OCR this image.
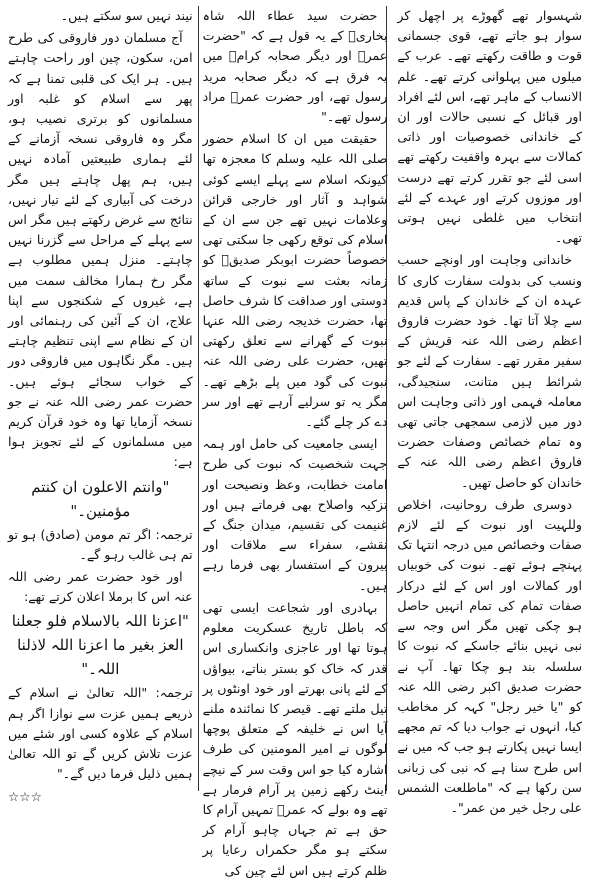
شہسوار تھے گھوڑے پر اچھل کر سوار ہو جاتے تھے، قوی جسمانی قوت و طاقت رکھتے تھے۔ عرب کے میلوں میں پہلوانی کرتے تھے۔ علم الانساب کے ماہر تھے، اس لئے افراد اور قبائل کے نسبی حالات اور ان کے خاندانی خصوصیات اور ذاتی کمالات سے بہرہ واقفیت رکھتے تھے اسی لئے جو تقرر کرتے تھے درست اور موزوں کرتے اور عہدے کے لئے انتخاب میں غلطی نہیں ہوتی تھی۔

خاندانی وجاہت اور اونچے حسب ونسب کی بدولت سفارت کاری کا عہدہ ان کے خاندان کے پاس قدیم سے چلا آتا تھا۔ خود حضرت فاروق اعظم رضی اللہ عنہ قریش کے سفیر مقرر تھے۔ سفارت کے لئے جو شرائط ہیں متانت، سنجیدگی، معاملہ فہمی اور ذاتی وجاہت اس دور میں لازمی سمجھی جاتی تھی وہ تمام خصائص وصفات حضرت فاروق اعظم رضی اللہ عنہ کے خاندان کو حاصل تھیں۔

دوسری طرف روحانیت، اخلاص وللہیت اور نبوت کے لئے لازم صفات وخصائص میں درجہ انتہا تک پہنچے ہوئے تھے۔ نبوت کی خوبیاں اور کمالات اور اس کے لئے درکار صفات تمام کی تمام انہیں حاصل ہو چکی تھیں مگر اس وجہ سے نبی نہیں بنائے جاسکے کہ نبوت کا سلسلہ بند ہو چکا تھا۔ آپ نے حضرت صدیق اکبر رضی اللہ عنہ کو "یا خیر رجل" کہہ کر مخاطب کیا، انہوں نے جواب دیا کہ تم مجھے ایسا نہیں پکارتے ہو جب کہ میں نے اس طرح سنا ہے کہ نبی کی زبانی سن رکھا ہے کہ "ماطلعت الشمس علی رجل خیر من عمر"۔

حضرت سید عطاء اللہ شاہ بخاریؒ کے یہ قول ہے کہ "حضرت عمرؓ اور دیگر صحابہ کرامؓ میں یہ فرق ہے کہ دیگر صحابہ مرید رسول تھے، اور حضرت عمرؓ مراد رسول تھے۔"

حقیقت میں ان کا اسلام حضور صلی اللہ علیہ وسلم کا معجزہ تھا کیونکہ اسلام سے پہلے ایسے کوئی شواہد و آثار اور خارجی قرائن وعلامات نہیں تھے جن سے ان کے اسلام کی توقع رکھی جا سکتی تھی خصوصاً حضرت ابوبکر صدیقؓ کو زمانہ بعثت سے نبوت کے ساتھ دوستی اور صداقت کا شرف حاصل تھا، حضرت خدیجہ رضی اللہ عنہا نبوت کے گھرانے سے تعلق رکھتی تھیں، حضرت علی رضی اللہ عنہ نبوت کی گود میں پلے بڑھے تھے۔ مگر یہ تو سرلیے آرہے تھے اور سر دے کر چلے گئے۔

ایسی جامعیت کی حامل اور ہمہ جہت شخصیت کہ نبوت کی طرح امامت خطابت، وعظ ونصیحت اور تزکیہ واصلاح بھی فرماتے ہیں اور غنیمت کی تقسیم، میدان جنگ کے نقشے، سفراء سے ملاقات اور بیرون کے استفسار بھی فرما رہے ہیں۔

بہادری اور شجاعت ایسی تھی کہ باطل تاریخ عسکریت معلوم ہوتا تھا اور عاجزی وانکساری اس قدر کہ خاک کو بستر بناتے، بیواؤں کے لئے پانی بھرتے اور خود اونٹوں پر تیل ملتے تھے۔ قیصر کا نمائندہ ملنے آیا اس نے خلیفہ کے متعلق پوچھا لوگوں نے امیر المومنین کی طرف اشارہ کیا جو اس وقت سر کے نیچے اینٹ رکھے زمین پر آرام فرمار ہے تھے وہ بولے کہ عمرؓ تمہیں آرام کا حق ہے تم جہاں چاہو آرام کر سکتے ہو مگر حکمراں رعایا پر ظلم کرتے ہیں اس لئے چین کی

نیند نہیں سو سکتے ہیں۔

آج مسلمان دور فاروقی کی طرح امن، سکون، چین اور راحت چاہتے ہیں۔ ہر ایک کی قلبی تمنا ہے کہ پھر سے اسلام کو غلبہ اور مسلمانوں کو برتری نصیب ہو، مگر وہ فاروقی نسخہ آزمانے کے لئے ہماری طبیعتیں آمادہ نہیں ہیں، ہم پھل چاہتے ہیں مگر درخت کی آبیاری کے لئے تیار نہیں، نتائج سے غرض رکھتے ہیں مگر اس سے پہلے کے مراحل سے گزرنا نہیں چاہتے۔ منزل ہمیں مطلوب ہے مگر رخ ہمارا مخالف سمت میں ہے، غیروں کے شکنجوں سے اپنا علاج، ان کے آئین کی رہنمائی اور ان کے نظام سے اپنی تنظیم چاہتے ہیں۔ مگر نگاہوں میں فاروقی دور کے خواب سجائے ہوئے ہیں۔ حضرت عمر رضی اللہ عنہ نے جو نسخہ آزمایا تھا وہ خود قرآن کریم میں مسلمانوں کے لئے تجویز ہوا ہے:

"وانتم الاعلون ان کنتم مؤمنین۔"

ترجمہ: اگر تم مومن (صادق) ہو تو تم ہی غالب رہو گے۔

اور خود حضرت عمر رضی اللہ عنہ اس کا برملا اعلان کرتے تھے:

"اعزنا اللہ بالاسلام فلو جعلنا العز بغیر ما اعزنا اللہ لاذلنا اللہ۔"

ترجمہ: "اللہ تعالیٰ نے اسلام کے ذریعے ہمیں عزت سے نوازا اگر ہم اسلام کے علاوہ کسی اور شئے میں عزت تلاش کریں گے تو اللہ تعالیٰ ہمیں ذلیل فرما دیں گے۔"

☆☆☆
